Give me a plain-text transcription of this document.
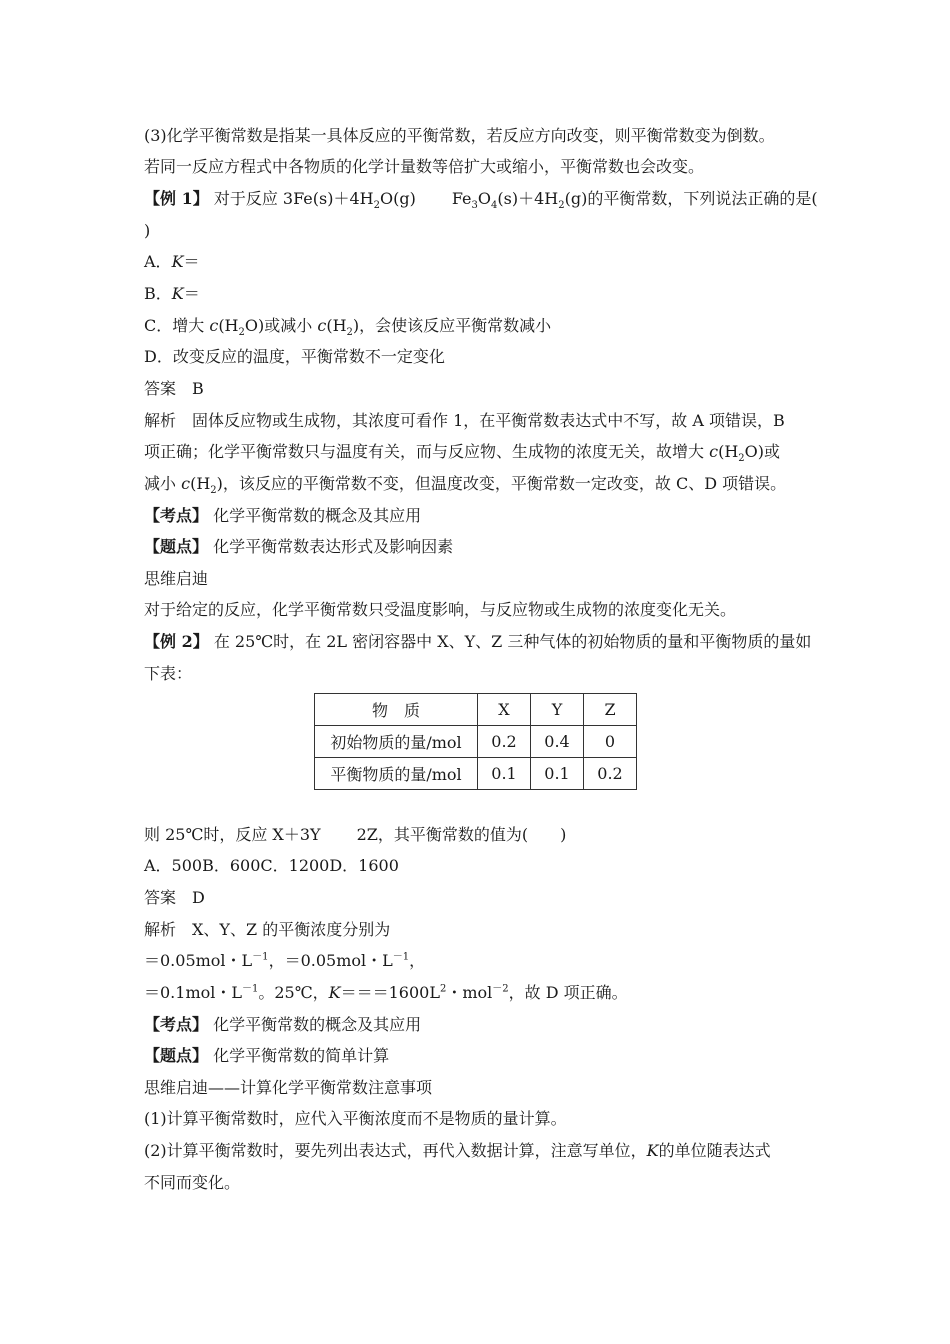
(3)化学平衡常数是指某一具体反应的平衡常数，若反应方向改变，则平衡常数变为倒数。
若同一反应方程式中各物质的化学计量数等倍扩大或缩小，平衡常数也会改变。
【例 1】 对于反应 $3Fe(s)+4H_2O(g)$ $Fe_3O_4(s)+4H_2(g)$的平衡常数，下列说法正确的是(
)
A．K＝
B．K＝
C．增大 $c(H_2O)$或减小 $c(H_2)$，会使该反应平衡常数减小
D．改变反应的温度，平衡常数不一定变化
答案　 B
解析　 固体反应物或生成物，其浓度可看作 1，在平衡常数表达式中不写，故 A 项错误，B
项正确；化学平衡常数只与温度有关，而与反应物、生成物的浓度无关，故增大 $c(H_2O)$或
减小 $c(H_2)$，该反应的平衡常数不变，但温度改变，平衡常数一定改变，故 C、D 项错误。
【考点】 化学平衡常数的概念及其应用
【题点】 化学平衡常数表达形式及影响因素
思维启迪
对于给定的反应，化学平衡常数只受温度影响，与反应物或生成物的浓度变化无关。
【例 2】 在 25℃时，在 2L 密闭容器中 X、Y、Z 三种气体的初始物质的量和平衡物质的量如
下表：
物　质	X	Y	Z
初始物质的量/mol	0.2	0.4	0
平衡物质的量/mol	0.1	0.1	0.2
则 25℃时，反应 X＋3Y 2Z，其平衡常数的值为(　　)
A．500B．600C．1200D．1600
答案　 D
解析　 X、Y、Z 的平衡浓度分别为
＝0.05mol・$L^{-1}$，＝0.05mol・$L^{-1}$，
＝0.1mol・$L^{-1}$。25℃，$K===1600L^2$・mol$^{-2}$，故 D 项正确。
【考点】 化学平衡常数的概念及其应用
【题点】 化学平衡常数的简单计算
思维启迪——计算化学平衡常数注意事项
(1)计算平衡常数时，应代入平衡浓度而不是物质的量计算。
(2)计算平衡常数时，要先列出表达式，再代入数据计算，注意写单位，K的单位随表达式
不同而变化。
